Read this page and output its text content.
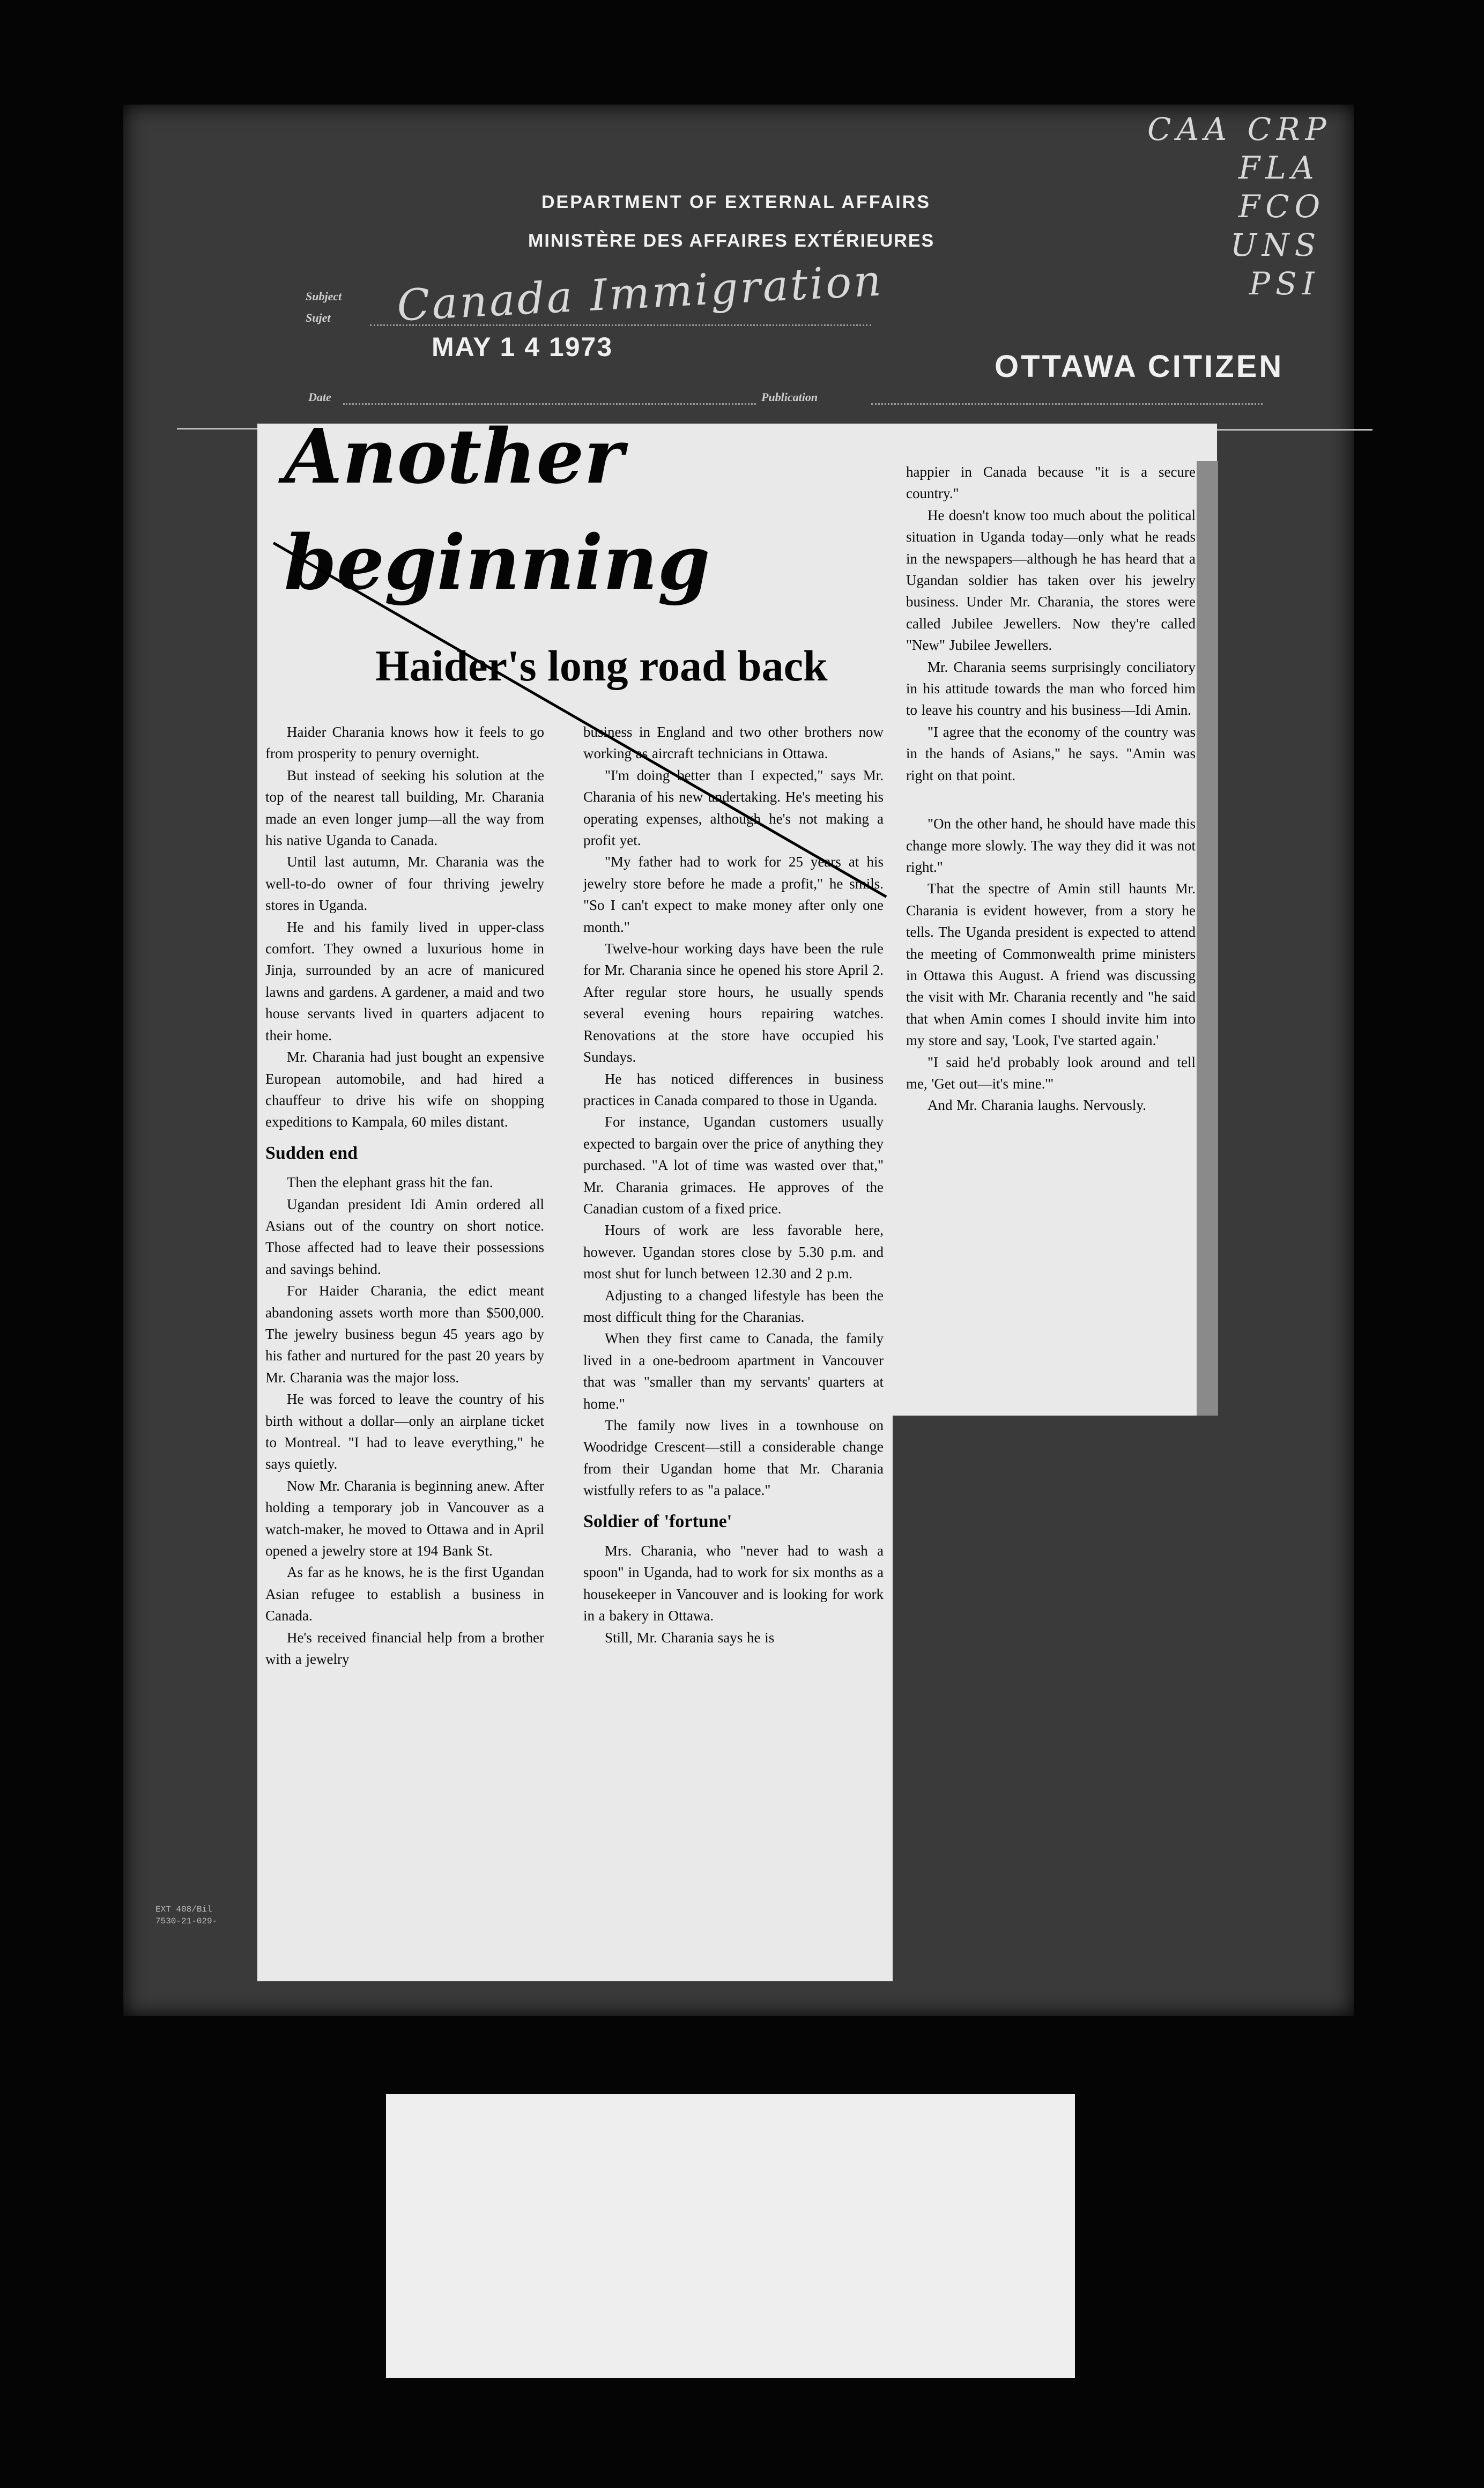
DEPARTMENT OF EXTERNAL AFFAIRS
MINISTÈRE DES AFFAIRES EXTÉRIEURES
Subject
Sujet Canada Immigration
MAY 1 4 1973
OTTAWA CITIZEN
Date	Publication
CAA CRP
FLA
FCO
UNS
PSI
Another
beginning
Haider's long road back

Haider Charania knows how it feels to go from prosperity to penury overnight.

But instead of seeking his solution at the top of the nearest tall building, Mr. Charania made an even longer jump—all the way from his native Uganda to Canada.

Until last autumn, Mr. Charania was the well-to-do owner of four thriving jewelry stores in Uganda.

He and his family lived in upper-class comfort. They owned a luxurious home in Jinja, surrounded by an acre of manicured lawns and gardens. A gardener, a maid and two house servants lived in quarters adjacent to their home.

Mr. Charania had just bought an expensive European automobile, and had hired a chauffeur to drive his wife on shopping expeditions to Kampala, 60 miles distant.

Sudden end

Then the elephant grass hit the fan.

Ugandan president Idi Amin ordered all Asians out of the country on short notice. Those affected had to leave their possessions and savings behind.

For Haider Charania, the edict meant abandoning assets worth more than $500,000. The jewelry business begun 45 years ago by his father and nurtured for the past 20 years by Mr. Charania was the major loss.

He was forced to leave the country of his birth without a dollar—only an airplane ticket to Montreal. "I had to leave everything," he says quietly.

Now Mr. Charania is beginning anew. After holding a temporary job in Vancouver as a watch-maker, he moved to Ottawa and in April opened a jewelry store at 194 Bank St.

As far as he knows, he is the first Ugandan Asian refugee to establish a business in Canada.

He's received financial help from a brother with a jewelry

business in England and two other brothers now working as aircraft technicians in Ottawa.

"I'm doing better than I expected," says Mr. Charania of his new undertaking. He's meeting his operating expenses, although he's not making a profit yet.

"My father had to work for 25 years at his jewelry store before he made a profit," he smils. "So I can't expect to make money after only one month."

Twelve-hour working days have been the rule for Mr. Charania since he opened his store April 2. After regular store hours, he usually spends several evening hours repairing watches. Renovations at the store have occupied his Sundays.

He has noticed differences in business practices in Canada compared to those in Uganda.

For instance, Ugandan customers usually expected to bargain over the price of anything they purchased. "A lot of time was wasted over that," Mr. Charania grimaces. He approves of the Canadian custom of a fixed price.

Hours of work are less favorable here, however. Ugandan stores close by 5.30 p.m. and most shut for lunch between 12.30 and 2 p.m.

Adjusting to a changed lifestyle has been the most difficult thing for the Charanias.

When they first came to Canada, the family lived in a one-bedroom apartment in Vancouver that was "smaller than my servants' quarters at home."

The family now lives in a townhouse on Woodridge Crescent—still a considerable change from their Ugandan home that Mr. Charania wistfully refers to as "a palace."

Soldier of 'fortune'

Mrs. Charania, who "never had to wash a spoon" in Uganda, had to work for six months as a housekeeper in Vancouver and is looking for work in a bakery in Ottawa.

Still, Mr. Charania says he is

happier in Canada because "it is a secure country."

He doesn't know too much about the political situation in Uganda today—only what he reads in the newspapers—although he has heard that a Ugandan soldier has taken over his jewelry business. Under Mr. Charania, the stores were called Jubilee Jewellers. Now they're called "New" Jubilee Jewellers.

Mr. Charania seems surprisingly conciliatory in his attitude towards the man who forced him to leave his country and his business—Idi Amin.

"I agree that the economy of the country was in the hands of Asians," he says. "Amin was right on that point.

"On the other hand, he should have made this change more slowly. The way they did it was not right."

That the spectre of Amin still haunts Mr. Charania is evident however, from a story he tells. The Uganda president is expected to attend the meeting of Commonwealth prime ministers in Ottawa this August. A friend was discussing the visit with Mr. Charania recently and "he said that when Amin comes I should invite him into my store and say, 'Look, I've started again.'

"I said he'd probably look around and tell me, 'Get out—it's mine.'"

And Mr. Charania laughs. Nervously.

EXT 408/Bil
7530-21-029-
